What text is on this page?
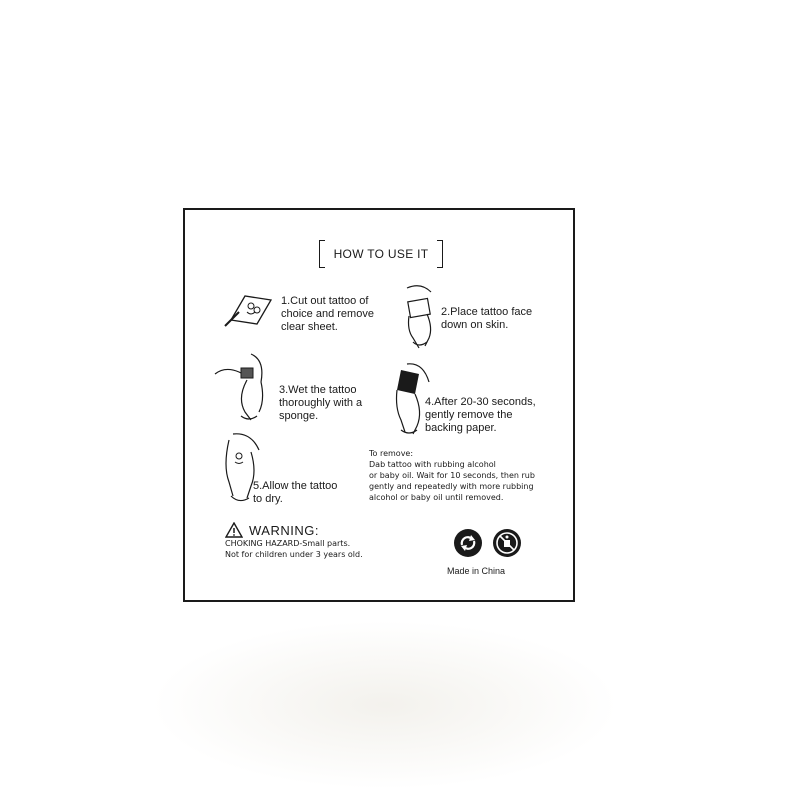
HOW TO USE IT
1.Cut out tattoo of
choice and remove
clear sheet.
2.Place tattoo face
down on skin.
3.Wet the tattoo
thoroughly with a
sponge.
4.After 20-30 seconds,
gently remove the
backing paper.
5.Allow the tattoo
to dry.
To remove:
Dab tattoo with rubbing alcohol
or baby oil. Wait for 10 seconds, then rub
gently and repeatedly with more rubbing
alcohol or baby oil until removed.
WARNING:
CHOKING HAZARD-Small parts.
Not for children under 3 years old.
Made in China
